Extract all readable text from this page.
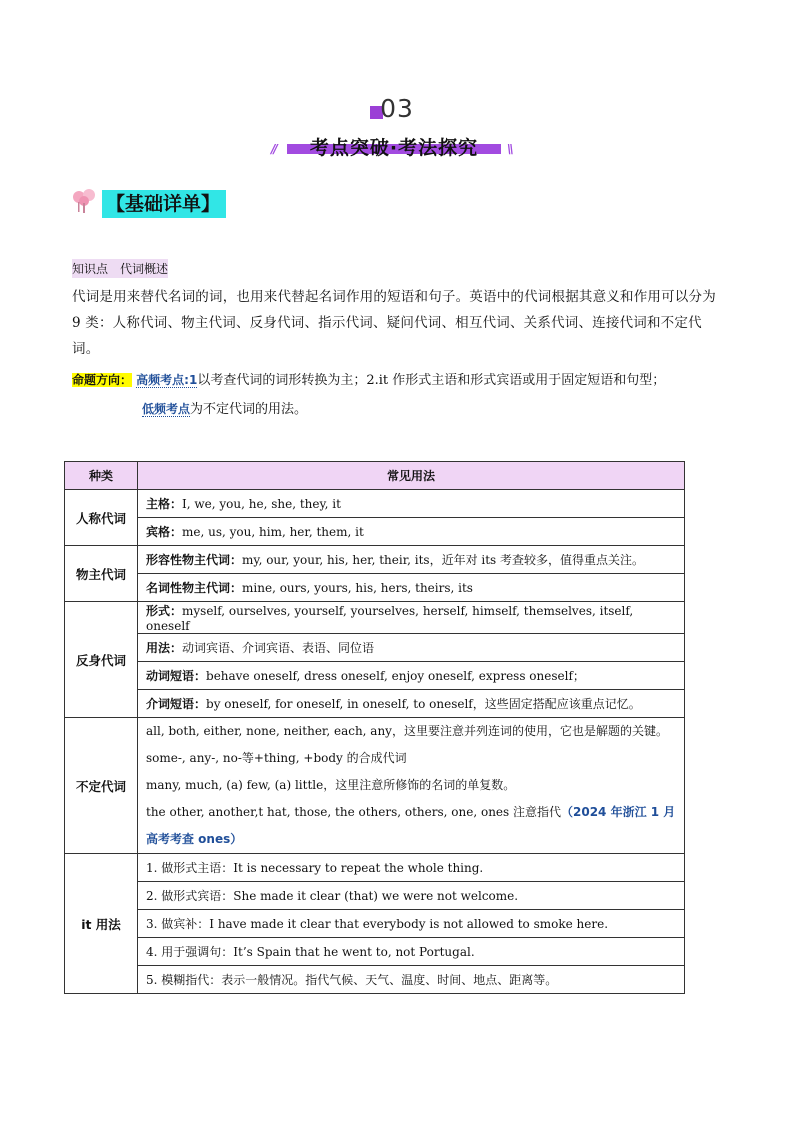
03
//	考点突破·考法探究	\\
【基础详单】
知识点 代词概述
代词是用来替代名词的词，也用来代替起名词作用的短语和句子。英语中的代词根据其意义和作用可以分为 9 类：人称代词、物主代词、反身代词、指示代词、疑问代词、相互代词、关系代词、连接代词和不定代词。
命题方向： 高频考点:1以考查代词的词形转换为主；2.it 作形式主语和形式宾语或用于固定短语和句型；
低频考点为不定代词的用法。
种类	常见用法
人称代词	主格：I, we, you, he, she, they, it
	宾格：me, us, you, him, her, them, it
物主代词	形容性物主代词：my, our, your, his, her, their, its，近年对 its 考查较多，值得重点关注。
	名词性物主代词：mine, ours, yours, his, hers, theirs, its
反身代词	形式：myself, ourselves, yourself, yourselves, herself, himself, themselves, itself, oneself
	用法：动词宾语、介词宾语、表语、同位语
	动词短语：behave oneself, dress oneself, enjoy oneself, express oneself；
	介词短语：by oneself, for oneself, in oneself, to oneself，这些固定搭配应该重点记忆。
不定代词	all, both, either, none, neither, each, any，这里要注意并列连词的使用，它也是解题的关键。
some-, any-, no-等+thing, +body 的合成代词
many, much, (a) few, (a) little，这里注意所修饰的名词的单复数。
the other, another,t hat, those, the others, others, one, ones 注意指代（2024 年浙江 1 月高考考查 ones）

it 用法	1. 做形式主语：It is necessary to repeat the whole thing.
	2. 做形式宾语：She made it clear (that) we were not welcome.
	3. 做宾补：I have made it clear that everybody is not allowed to smoke here.
	4. 用于强调句：It’s Spain that he went to, not Portugal.
	5. 模糊指代：表示一般情况。指代气候、天气、温度、时间、地点、距离等。
